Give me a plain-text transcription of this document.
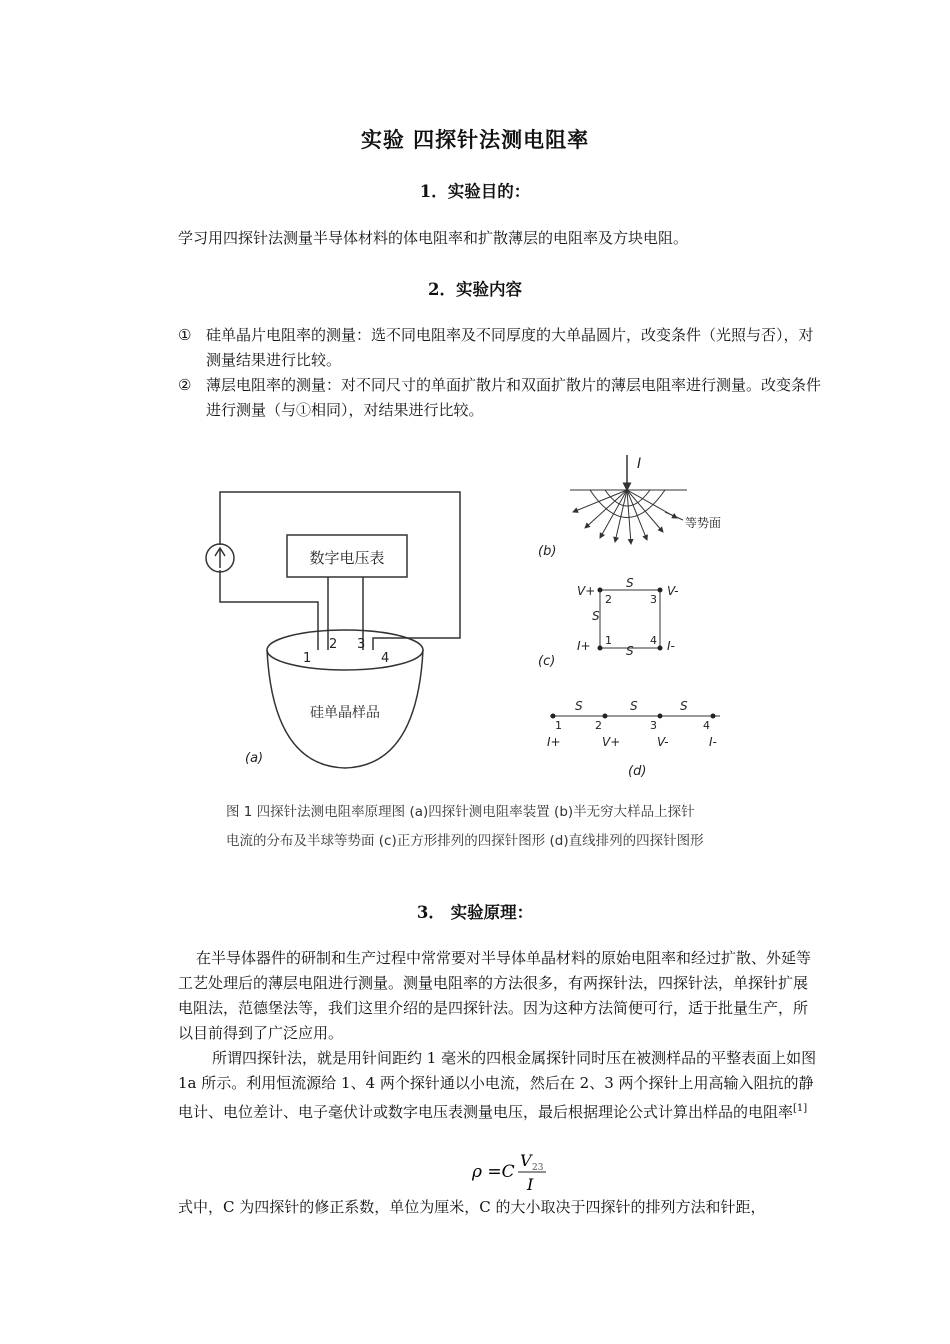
实验 四探针法测电阻率
1．实验目的：
学习用四探针法测量半导体材料的体电阻率和扩散薄层的电阻率及方块电阻。
2．实验内容
① 硅单晶片电阻率的测量：选不同电阻率及不同厚度的大单晶圆片，改变条件（光照与否），对测量结果进行比较。
② 薄层电阻率的测量：对不同尺寸的单面扩散片和双面扩散片的薄层电阻率进行测量。改变条件进行测量（与①相同），对结果进行比较。
数字电压表
硅单晶样品
1
2 3
4
(a)
(b)
(c)
(d)
I
等势面
S
S
S
V+	V-
I+	I-
2	3
1	4
S	S	S
1	2	3	4
I+	V+	V-	I-
图 1 四探针法测电阻率原理图 (a)四探针测电阻率装置 (b)半无穷大样品上探针
电流的分布及半球等势面 (c)正方形排列的四探针图形 (d)直线排列的四探针图形
3． 实验原理：
在半导体器件的研制和生产过程中常常要对半导体单晶材料的原始电阻率和经过扩散、外延等工艺处理后的薄层电阻进行测量。测量电阻率的方法很多，有两探针法，四探针法，单探针扩展电阻法，范德堡法等，我们这里介绍的是四探针法。因为这种方法简便可行，适于批量生产，所以目前得到了广泛应用。
所谓四探针法，就是用针间距约 1 毫米的四根金属探针同时压在被测样品的平整表面上如图 1a 所示。利用恒流源给 1、4 两个探针通以小电流，然后在 2、3 两个探针上用高输入阻抗的静电计、电位差计、电子毫伏计或数字电压表测量电压，最后根据理论公式计算出样品的电阻率[1]
ρ =C
V 23
I
式中，C 为四探针的修正系数，单位为厘米，C 的大小取决于四探针的排列方法和针距，
